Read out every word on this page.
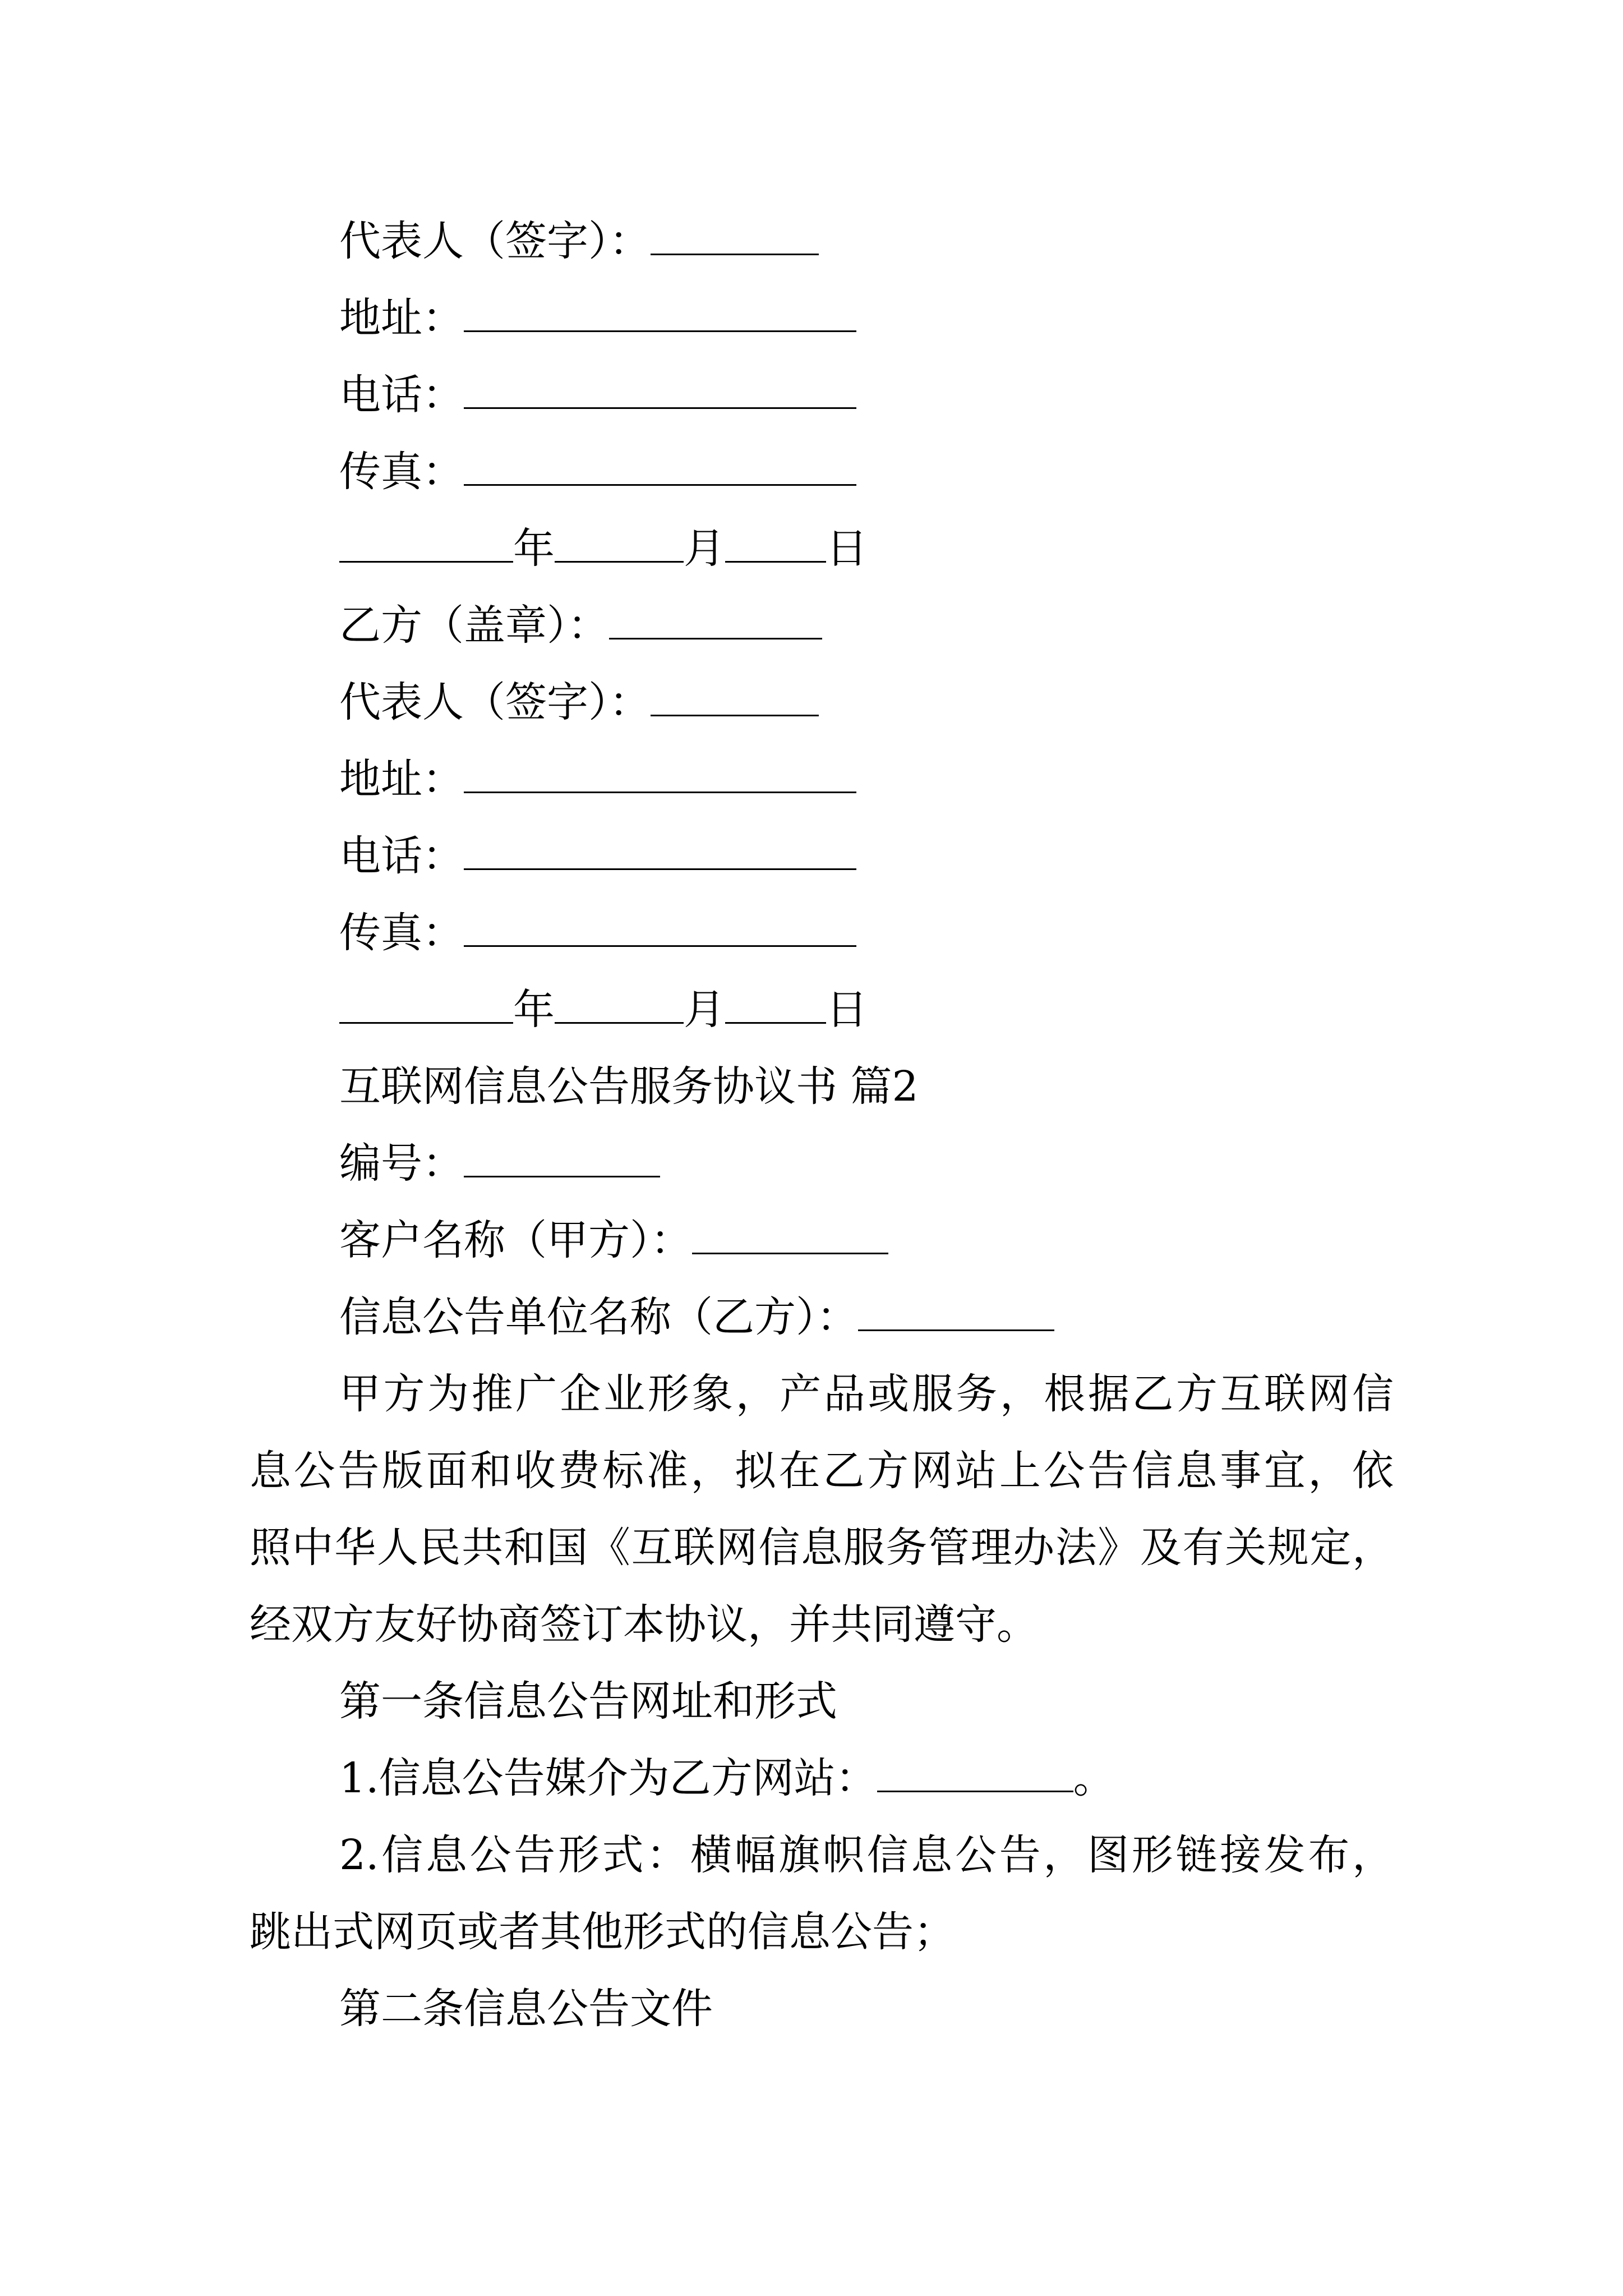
代表人（签字）：
地址：
电话：
传真：
年	月 日
乙方（盖章）：
代表人（签字）：
地址：
电话：
传真：
年	月 日
互联网信息公告服务协议书 篇2
编号：
客户名称（甲方）：
信息公告单位名称（乙方）：
甲方为推广企业形象，产品或服务，根据乙方互联网信
息公告版面和收费标准，拟在乙方网站上公告信息事宜，依
照中华人民共和国《互联网信息服务管理办法》及有关规定，
经双方友好协商签订本协议，并共同遵守。
第一条信息公告网址和形式
1.信息公告媒介为乙方网站：	。
2.信息公告形式：横幅旗帜信息公告，图形链接发布，
跳出式网页或者其他形式的信息公告；
第二条信息公告文件
